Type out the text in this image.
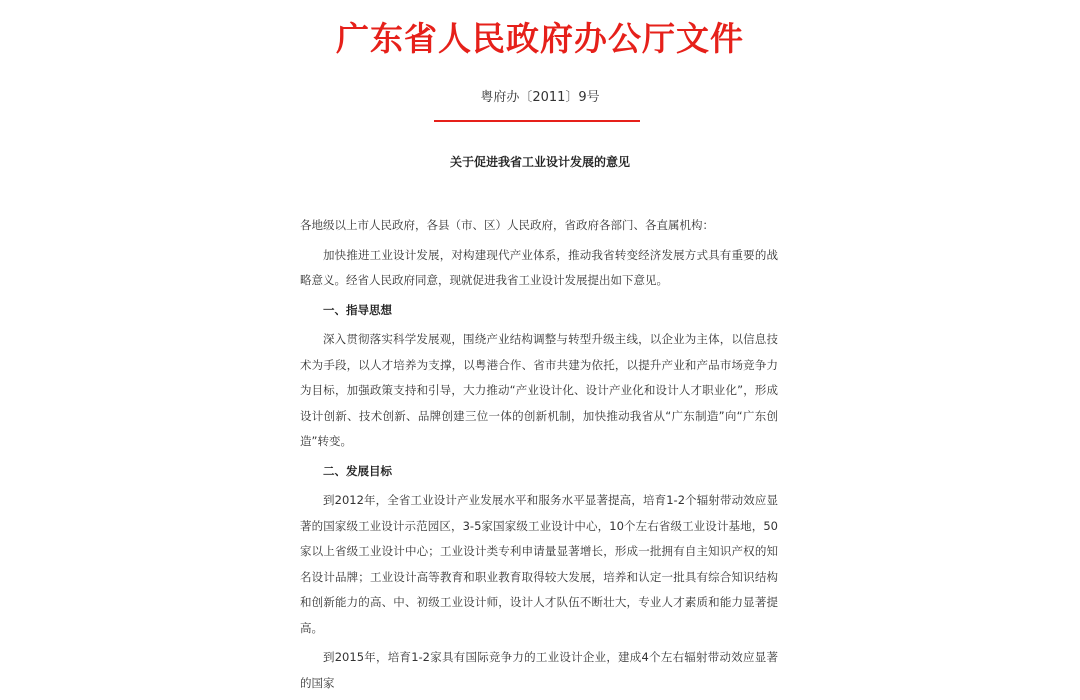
广东省人民政府办公厅文件
粤府办〔2011〕9号
关于促进我省工业设计发展的意见

各地级以上市人民政府，各县（市、区）人民政府，省政府各部门、各直属机构：

加快推进工业设计发展，对构建现代产业体系，推动我省转变经济发展方式具有重要的战略意义。经省人民政府同意，现就促进我省工业设计发展提出如下意见。

一、指导思想

深入贯彻落实科学发展观，围绕产业结构调整与转型升级主线，以企业为主体，以信息技术为手段，以人才培养为支撑，以粤港合作、省市共建为依托，以提升产业和产品市场竞争力为目标，加强政策支持和引导，大力推动“产业设计化、设计产业化和设计人才职业化”，形成设计创新、技术创新、品牌创建三位一体的创新机制，加快推动我省从“广东制造”向“广东创造”转变。

二、发展目标

到2012年，全省工业设计产业发展水平和服务水平显著提高，培育1-2个辐射带动效应显著的国家级工业设计示范园区，3-5家国家级工业设计中心，10个左右省级工业设计基地，50家以上省级工业设计中心；工业设计类专利申请量显著增长，形成一批拥有自主知识产权的知名设计品牌；工业设计高等教育和职业教育取得较大发展，培养和认定一批具有综合知识结构和创新能力的高、中、初级工业设计师，设计人才队伍不断壮大，专业人才素质和能力显著提高。

到2015年，培育1-2家具有国际竞争力的工业设计企业，建成4个左右辐射带动效应显著的国家
